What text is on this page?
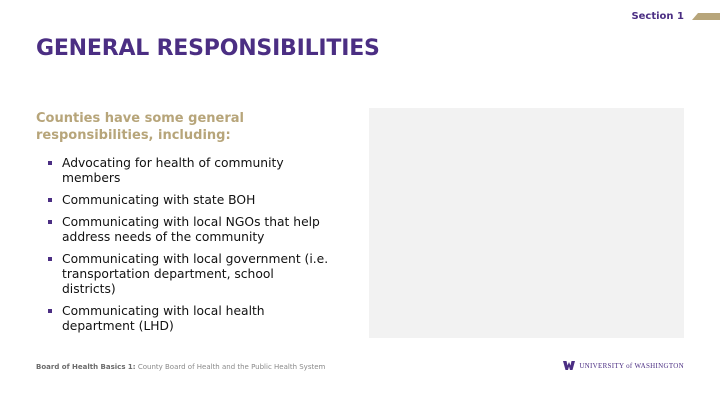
Section 1
GENERAL RESPONSIBILITIES
Counties have some general responsibilities, including:
Advocating for health of community members
Communicating with state BOH
Communicating with local NGOs that help address needs of the community
Communicating with local government (i.e. transportation department, school districts)
Communicating with local health department (LHD)
Board of Health Basics 1: County Board of Health and the Public Health System	UNIVERSITY of WASHINGTON
